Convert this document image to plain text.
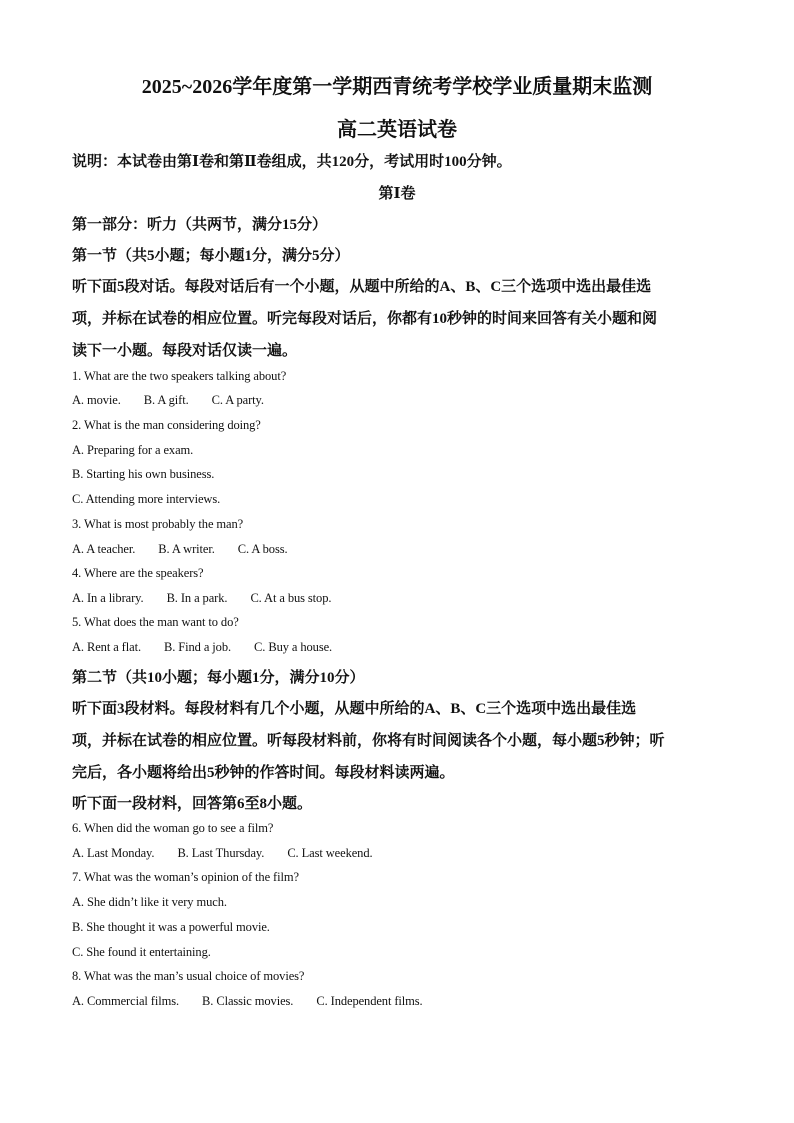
2025~2026学年度第一学期西青统考学校学业质量期末监测
高二英语试卷
说明：本试卷由第Ⅰ卷和第Ⅱ卷组成，共120分，考试用时100分钟。
第Ⅰ卷
第一部分：听力（共两节，满分15分）
第一节（共5小题；每小题1分，满分5分）
听下面5段对话。每段对话后有一个小题，从题中所给的A、B、C三个选项中选出最佳选
项，并标在试卷的相应位置。听完每段对话后，你都有10秒钟的时间来回答有关小题和阅
读下一小题。每段对话仅读一遍。
1. What are the two speakers talking about?
A. movie. B. A gift. C. A party.
2. What is the man considering doing?
A. Preparing for a exam.
B. Starting his own business.
C. Attending more interviews.
3. What is most probably the man?
A. A teacher. B. A writer. C. A boss.
4. Where are the speakers?
A. In a library. B. In a park. C. At a bus stop.
5. What does the man want to do?
A. Rent a flat. B. Find a job. C. Buy a house.
第二节（共10小题；每小题1分，满分10分）
听下面3段材料。每段材料有几个小题，从题中所给的A、B、C三个选项中选出最佳选
项，并标在试卷的相应位置。听每段材料前，你将有时间阅读各个小题，每小题5秒钟；听
完后，各小题将给出5秒钟的作答时间。每段材料读两遍。
听下面一段材料，回答第6至8小题。
6. When did the woman go to see a film?
A. Last Monday. B. Last Thursday. C. Last weekend.
7. What was the woman’s opinion of the film?
A. She didn’t like it very much.
B. She thought it was a powerful movie.
C. She found it entertaining.
8. What was the man’s usual choice of movies?
A. Commercial films. B. Classic movies. C. Independent films.
